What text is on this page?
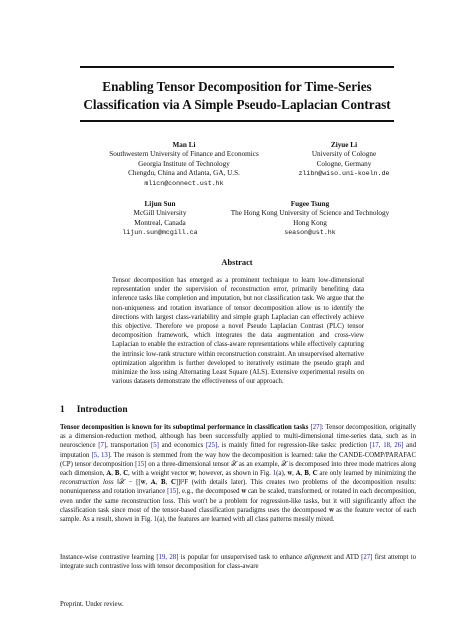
Enabling Tensor Decomposition for Time-Series
Classification via A Simple Pseudo-Laplacian Contrast
Man Li
Southwestern University of Finance and Economics
Georgia Institute of Technology
Chengdu, China and Atlanta, GA, U.S.
mlicn@connect.ust.hk
Ziyue Li
University of Cologne
Cologne, Germany
zlibn@wiso.uni-koeln.de
Lijun Sun
McGill University
Montreal, Canada
lijun.sun@mcgill.ca
Fugee Tsung
The Hong Kong University of Science and Technology
Hong Kong
season@ust.hk
Abstract
Tensor decomposition has emerged as a prominent technique to learn low-dimensional representation under the supervision of reconstruction error, primarily benefiting data inference tasks like completion and imputation, but not classification task. We argue that the non-uniqueness and rotation invariance of tensor decomposition allow us to identify the directions with largest class-variability and simple graph Laplacian can effectively achieve this objective. Therefore we propose a novel Pseudo Laplacian Contrast (PLC) tensor decomposition framework, which integrates the data augmentation and cross-view Laplacian to enable the extraction of class-aware representations while effectively capturing the intrinsic low-rank structure within reconstruction constraint. An unsupervised alternative optimization algorithm is further developed to iteratively estimate the pseudo graph and minimize the loss using Alternating Least Square (ALS). Extensive experimental results on various datasets demonstrate the effectiveness of our approach.
1 Introduction
Tensor decomposition is known for its suboptimal performance in classification tasks [27]: Tensor decomposition, originally as a dimension-reduction method, although has been successfully applied to multi-dimensional time-series data, such as in neuroscience [7], transportation [5] and economics [25], is mainly fitted for regression-like tasks: prediction [17, 18, 26] and imputation [5, 13]. The reason is stemmed from the way how the decomposition is learned: take the CANDE-COMP/PARAFAC (CP) tensor decomposition [15] on a three-dimensional tensor 𝒳 as an example, 𝒳 is decomposed into three mode matrices along each dimension, 𝐀, 𝐁, 𝐂, with a weight vector 𝐰; however, as shown in Fig. 1(a), 𝐰, 𝐀, 𝐁, 𝐂 are only learned by minimizing the reconstruction loss ‖𝒳 − [[𝐰, 𝐀, 𝐁, 𝐂]]‖²F (with details later). This creates two problems of the decomposition results: nonuniqueness and rotation invariance [15], e.g., the decomposed 𝐰 can be scaled, transformed, or rotated in each decomposition, even under the same reconstruction loss. This won't be a problem for regression-like tasks, but it will significantly affect the classification task since most of the tensor-based classification paradigms uses the decomposed 𝐰 as the feature vector of each sample. As a result, shown in Fig. 1(a), the features are learned with all class patterns messily mixed.
Instance-wise contrastive learning [19, 28] is popular for unsupervised task to enhance alignment and ATD [27] first attempt to integrate such contrastive loss with tensor decomposition for class-aware
Preprint. Under review.
